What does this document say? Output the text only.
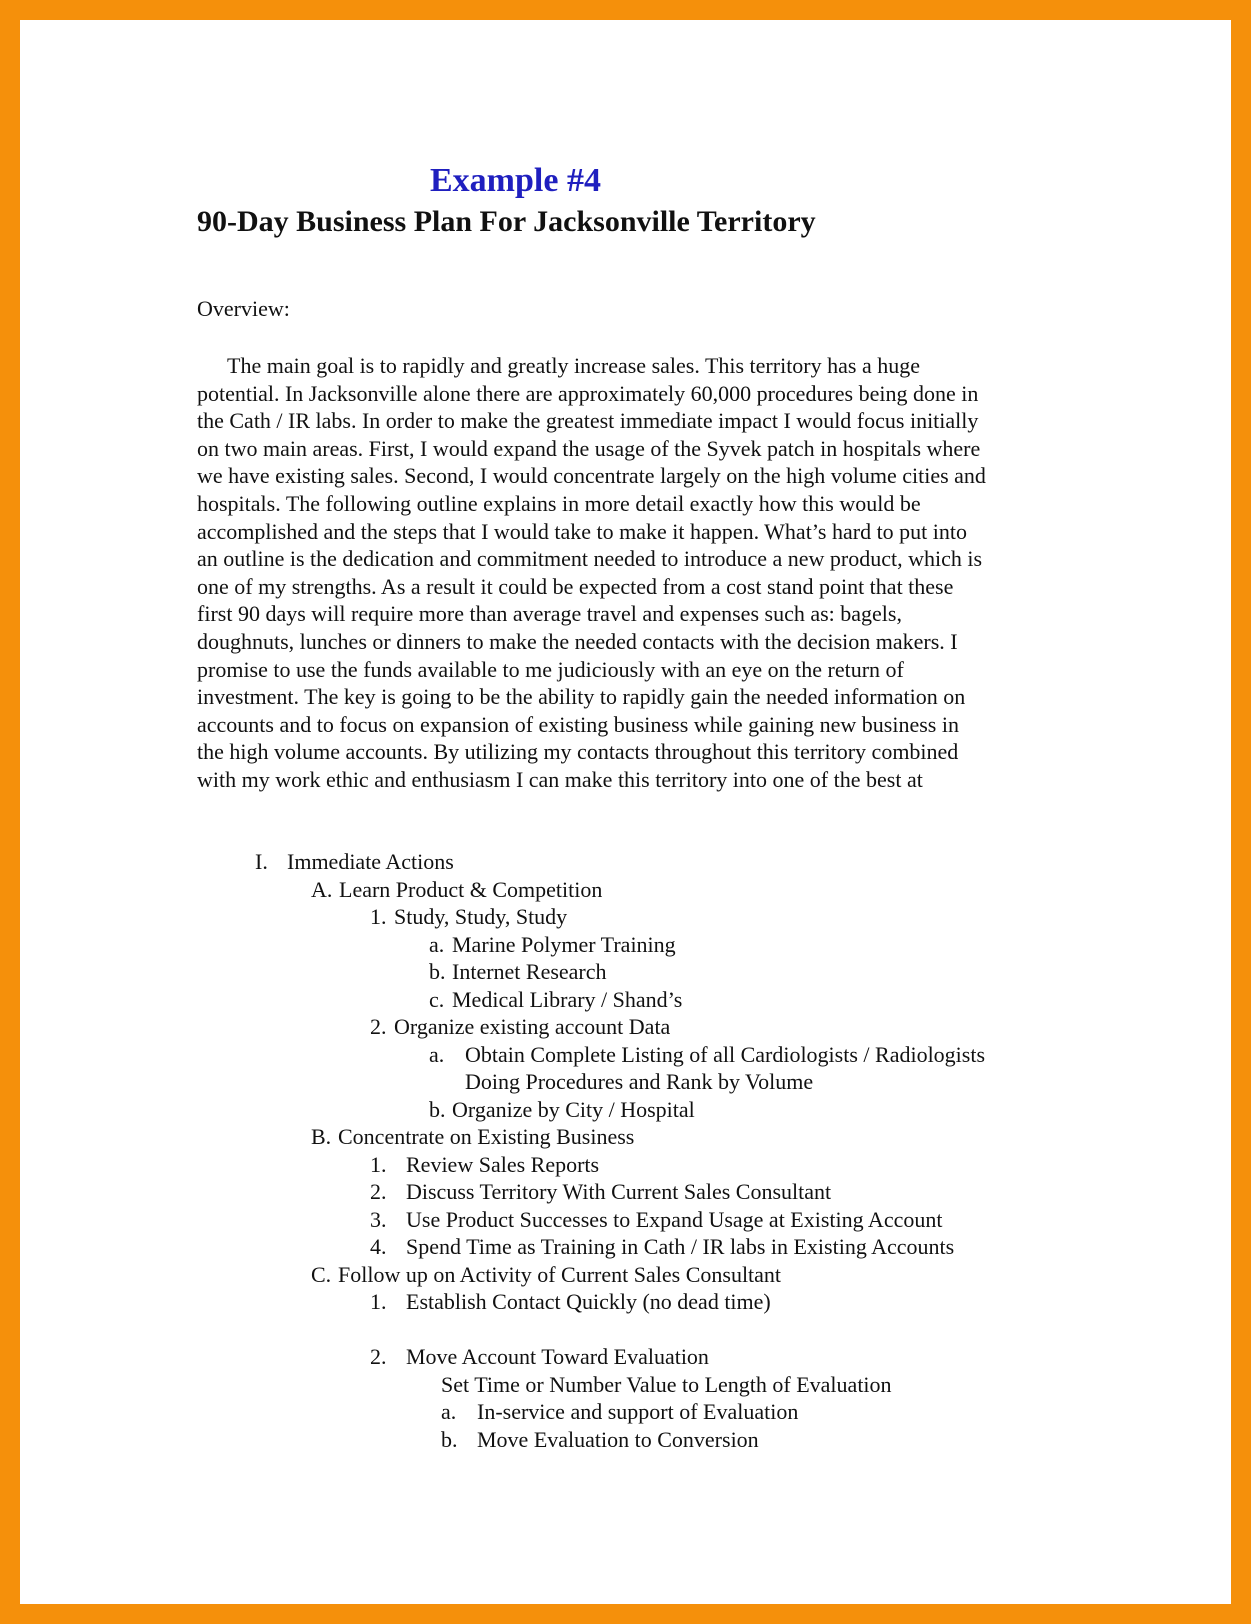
Example #4
90-Day Business Plan For Jacksonville Territory
Overview:
The main goal is to rapidly and greatly increase sales. This territory has a huge
potential. In Jacksonville alone there are approximately 60,000 procedures being done in
the Cath / IR labs. In order to make the greatest immediate impact I would focus initially
on two main areas. First, I would expand the usage of the Syvek patch in hospitals where
we have existing sales. Second, I would concentrate largely on the high volume cities and
hospitals. The following outline explains in more detail exactly how this would be
accomplished and the steps that I would take to make it happen. What’s hard to put into
an outline is the dedication and commitment needed to introduce a new product, which is
one of my strengths. As a result it could be expected from a cost stand point that these
first 90 days will require more than average travel and expenses such as: bagels,
doughnuts, lunches or dinners to make the needed contacts with the decision makers. I
promise to use the funds available to me judiciously with an eye on the return of
investment. The key is going to be the ability to rapidly gain the needed information on
accounts and to focus on expansion of existing business while gaining new business in
the high volume accounts. By utilizing my contacts throughout this territory combined
with my work ethic and enthusiasm I can make this territory into one of the best at
I. Immediate Actions
A. Learn Product & Competition
1. Study, Study, Study
a. Marine Polymer Training
b. Internet Research
c. Medical Library / Shand’s
2. Organize existing account Data
a. Obtain Complete Listing of all Cardiologists / Radiologists
Doing Procedures and Rank by Volume
b. Organize by City / Hospital
B. Concentrate on Existing Business
1. Review Sales Reports
2. Discuss Territory With Current Sales Consultant
3. Use Product Successes to Expand Usage at Existing Account
4. Spend Time as Training in Cath / IR labs in Existing Accounts
C. Follow up on Activity of Current Sales Consultant
1. Establish Contact Quickly (no dead time)
2. Move Account Toward Evaluation
Set Time or Number Value to Length of Evaluation
a. In-service and support of Evaluation
b. Move Evaluation to Conversion
